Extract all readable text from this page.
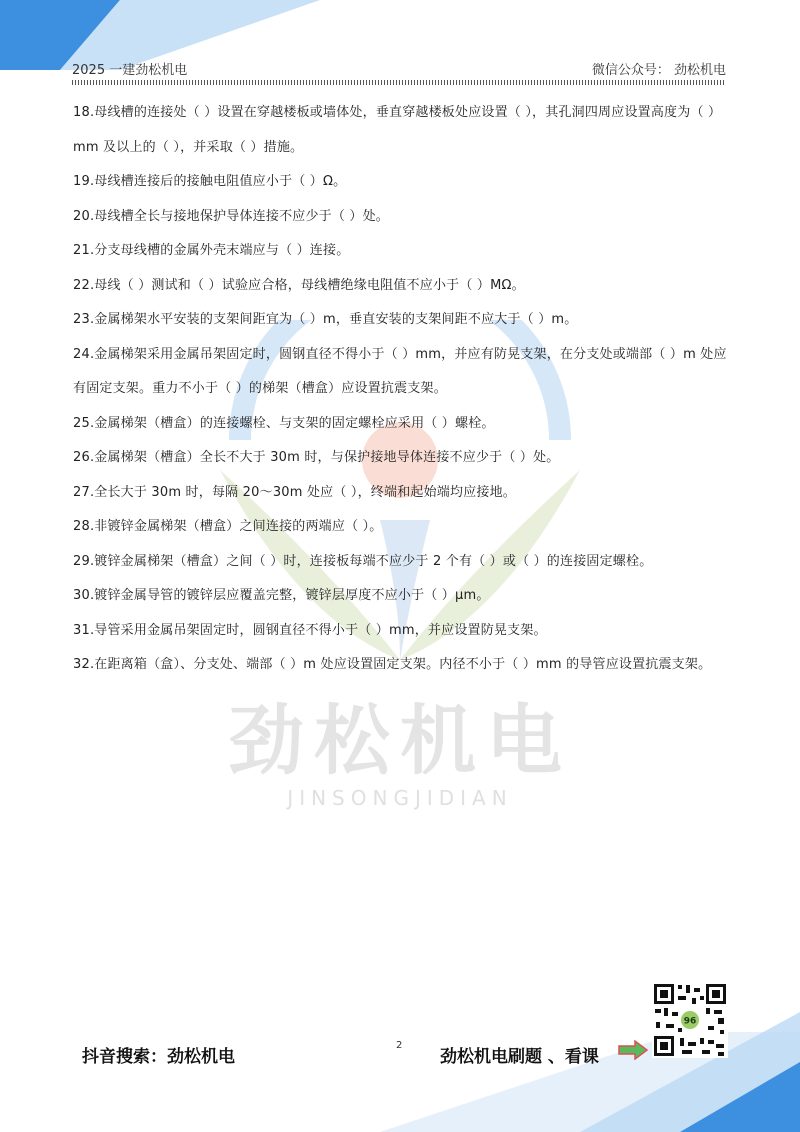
2025 一建劲松机电	微信公众号： 劲松机电
劲松机电
JINSONGJIDIAN

18.母线槽的连接处（ ）设置在穿越楼板或墙体处，垂直穿越楼板处应设置（ ），其孔洞四周应设置高度为（ ）mm 及以上的（ ），并采取（ ）措施。

19.母线槽连接后的接触电阻值应小于（ ）Ω。

20.母线槽全长与接地保护导体连接不应少于（ ）处。

21.分支母线槽的金属外壳末端应与（ ）连接。

22.母线（ ）测试和（ ）试验应合格，母线槽绝缘电阻值不应小于（ ）MΩ。

23.金属梯架水平安装的支架间距宜为（ ）m，垂直安装的支架间距不应大于（ ）m。

24.金属梯架采用金属吊架固定时，圆钢直径不得小于（ ）mm，并应有防晃支架，在分支处或端部（ ）m 处应有固定支架。重力不小于（ ）的梯架（槽盒）应设置抗震支架。

25.金属梯架（槽盒）的连接螺栓、与支架的固定螺栓应采用（ ）螺栓。

26.金属梯架（槽盒）全长不大于 30m 时，与保护接地导体连接不应少于（ ）处。

27.全长大于 30m 时，每隔 20～30m 处应（ ），终端和起始端均应接地。

28.非镀锌金属梯架（槽盒）之间连接的两端应（ ）。

29.镀锌金属梯架（槽盒）之间（ ）时，连接板每端不应少于 2 个有（ ）或（ ）的连接固定螺栓。

30.镀锌金属导管的镀锌层应覆盖完整，镀锌层厚度不应小于（ ）μm。

31.导管采用金属吊架固定时，圆钢直径不得小于（ ）mm，并应设置防晃支架。

32.在距离箱（盒）、分支处、端部（ ）m 处应设置固定支架。内径不小于（ ）mm 的导管应设置抗震支架。

抖音搜索：劲松机电
2
劲松机电刷题 、看课
96
